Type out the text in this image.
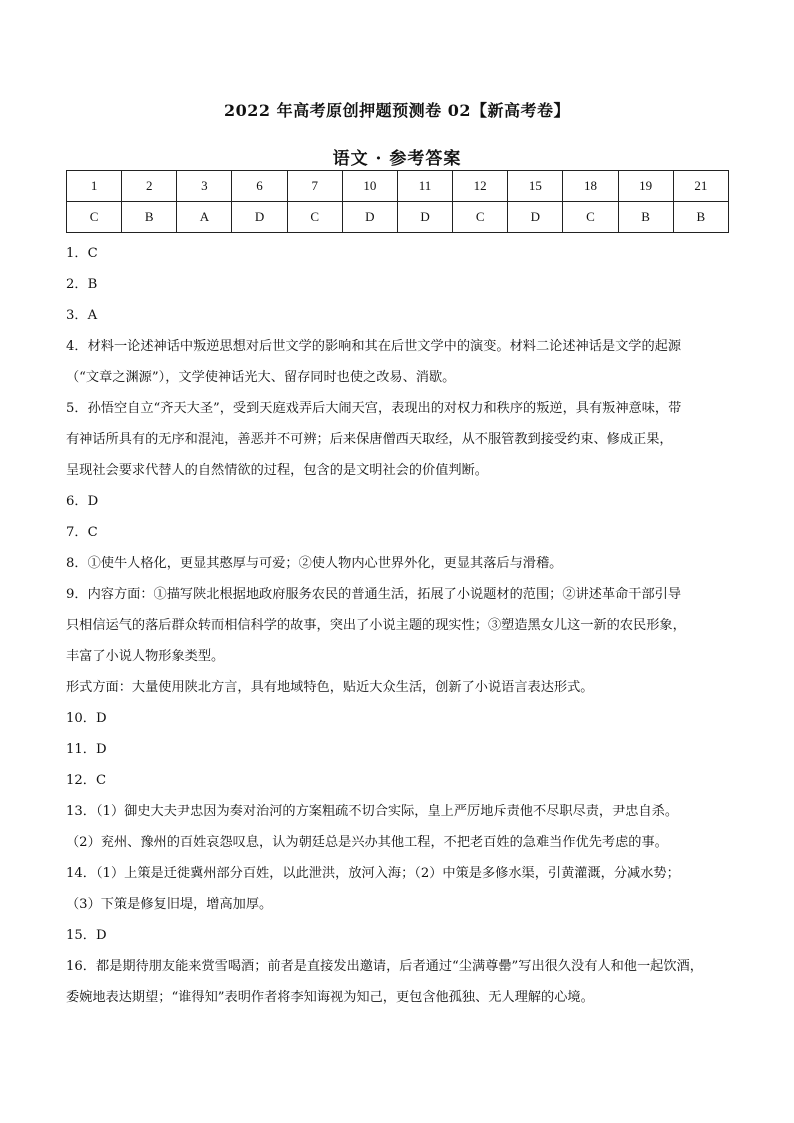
2022 年高考原创押题预测卷 02【新高考卷】
语文 · 参考答案
1	2	3	6	7	10	11	12	15	18	19	21
C	B	A	D	C	D	D	C	D	C	B	B

1．C

2．B

3．A

4．材料一论述神话中叛逆思想对后世文学的影响和其在后世文学中的演变。材料二论述神话是文学的起源

（“文章之渊源”），文学使神话光大、留存同时也使之改易、消歇。

5．孙悟空自立“齐天大圣”，受到天庭戏弄后大闹天宫，表现出的对权力和秩序的叛逆，具有叛神意味，带

有神话所具有的无序和混沌，善恶并不可辨；后来保唐僧西天取经，从不服管教到接受约束、修成正果，

呈现社会要求代替人的自然情欲的过程，包含的是文明社会的价值判断。

6．D

7．C

8．①使牛人格化，更显其憨厚与可爱；②使人物内心世界外化，更显其落后与滑稽。

9．内容方面：①描写陕北根据地政府服务农民的普通生活，拓展了小说题材的范围；②讲述革命干部引导

只相信运气的落后群众转而相信科学的故事，突出了小说主题的现实性；③塑造黑女儿这一新的农民形象，

丰富了小说人物形象类型。

形式方面：大量使用陕北方言，具有地域特色，贴近大众生活，创新了小说语言表达形式。

10．D

11．D

12．C

13．（1）御史大夫尹忠因为奏对治河的方案粗疏不切合实际，皇上严厉地斥责他不尽职尽责，尹忠自杀。

（2）兖州、豫州的百姓哀怨叹息，认为朝廷总是兴办其他工程，不把老百姓的急难当作优先考虑的事。

14．（1）上策是迁徙冀州部分百姓，以此泄洪，放河入海；（2）中策是多修水渠，引黄灌溉，分减水势；

（3）下策是修复旧堤，增高加厚。

15．D

16．都是期待朋友能来赏雪喝酒；前者是直接发出邀请，后者通过“尘满尊罍”写出很久没有人和他一起饮酒，

委婉地表达期望；“谁得知”表明作者将李知诲视为知己，更包含他孤独、无人理解的心境。
